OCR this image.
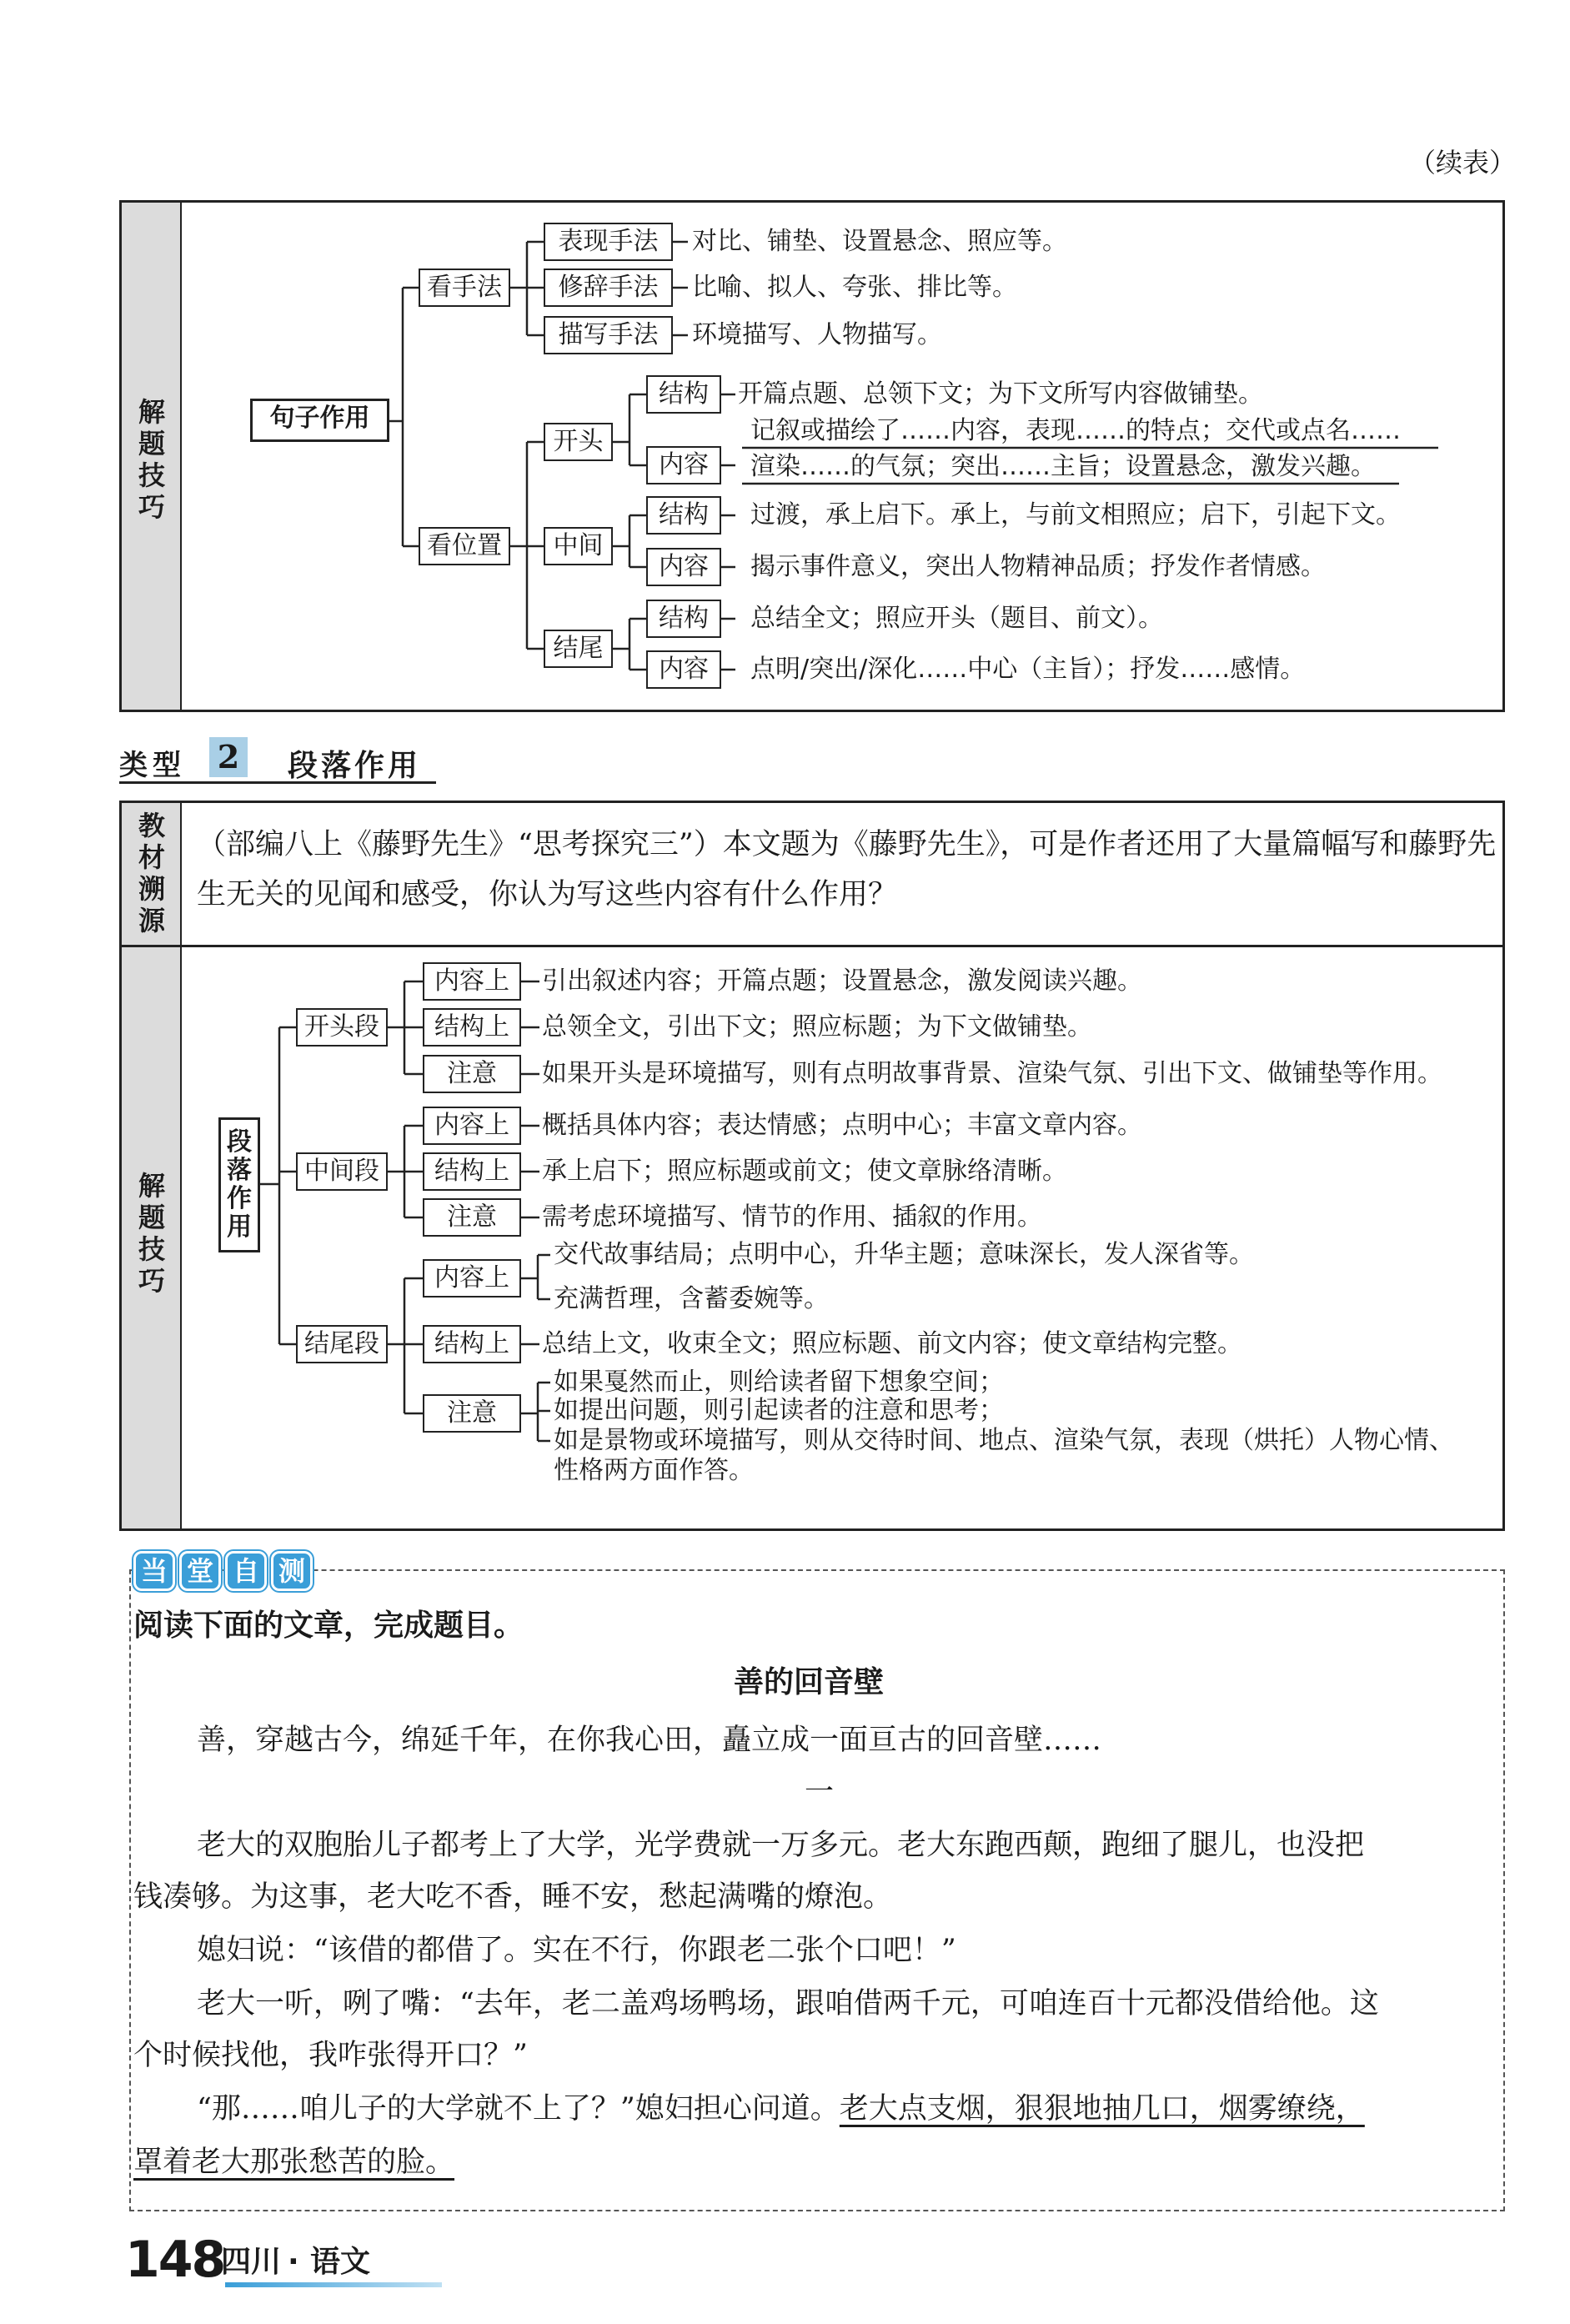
（续表）
解题技巧
句子作用
看手法
看位置
表现手法
修辞手法
描写手法
对比、铺垫、设置悬念、照应等。
比喻、拟人、夸张、排比等。
环境描写、人物描写。
开头
中间
结尾
结构
内容
结构
内容
结构
内容
开篇点题、总领下文；为下文所写内容做铺垫。
记叙或描绘了……内容，表现……的特点；交代或点名……
渲染……的气氛；突出……主旨；设置悬念，激发兴趣。
过渡，承上启下。承上，与前文相照应；启下，引起下文。
揭示事件意义，突出人物精神品质；抒发作者情感。
总结全文；照应开头（题目、前文）。
点明/突出/深化……中心（主旨）；抒发……感情。
类型 2 段落作用
教材溯源
解题技巧
（部编八上《藤野先生》“思考探究三”）本文题为《藤野先生》，可是作者还用了大量篇幅写和藤野先
生无关的见闻和感受，你认为写这些内容有什么作用？
段落作用
开头段
中间段
结尾段
内容上
结构上
注意
内容上
结构上
注意
内容上
结构上
注意
引出叙述内容；开篇点题；设置悬念，激发阅读兴趣。
总领全文，引出下文；照应标题；为下文做铺垫。
如果开头是环境描写，则有点明故事背景、渲染气氛、引出下文、做铺垫等作用。
概括具体内容；表达情感；点明中心；丰富文章内容。
承上启下；照应标题或前文；使文章脉络清晰。
需考虑环境描写、情节的作用、插叙的作用。
交代故事结局；点明中心，升华主题；意味深长，发人深省等。
充满哲理，含蓄委婉等。
总结上文，收束全文；照应标题、前文内容；使文章结构完整。
如果戛然而止，则给读者留下想象空间；
如提出问题，则引起读者的注意和思考；
如是景物或环境描写，则从交待时间、地点、渲染气氛，表现（烘托）人物心情、
性格两方面作答。
当 堂 自 测
阅读下面的文章，完成题目。
善的回音壁
善，穿越古今，绵延千年，在你我心田，矗立成一面亘古的回音壁……
一
老大的双胞胎儿子都考上了大学，光学费就一万多元。老大东跑西颠，跑细了腿儿，也没把
钱凑够。为这事，老大吃不香，睡不安，愁起满嘴的燎泡。
媳妇说：“该借的都借了。实在不行，你跟老二张个口吧！”
老大一听，咧了嘴：“去年，老二盖鸡场鸭场，跟咱借两千元，可咱连百十元都没借给他。这
个时候找他，我咋张得开口？”
“那……咱儿子的大学就不上了？”媳妇担心问道。老大点支烟，狠狠地抽几口，烟雾缭绕，
罩着老大那张愁苦的脸。
148
四川 · 语文
